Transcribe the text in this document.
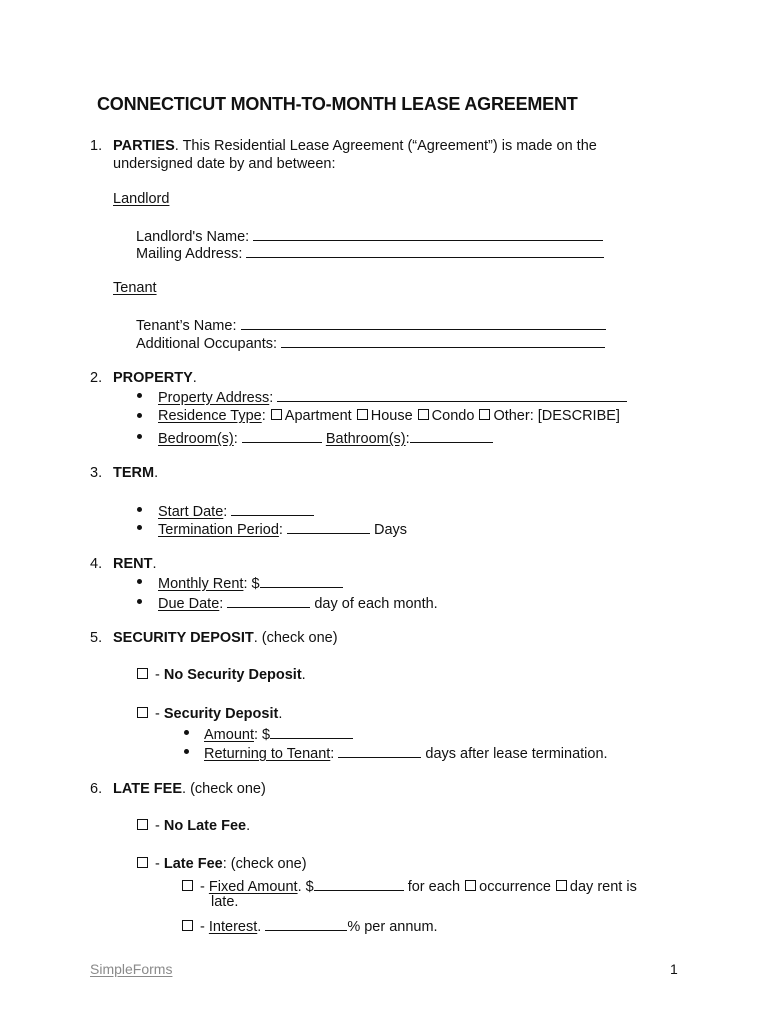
CONNECTICUT MONTH-TO-MONTH LEASE AGREEMENT
1. PARTIES. This Residential Lease Agreement (“Agreement”) is made on the
undersigned date by and between:
Landlord
Landlord's Name:
Mailing Address:
Tenant
Tenant’s Name:
Additional Occupants:
2. PROPERTY.
Property Address:
Residence Type: Apartment House Condo Other: [DESCRIBE]
Bedroom(s):	Bathroom(s):
3. TERM.
Start Date:
Termination Period:	Days
4. RENT.
Monthly Rent: $
Due Date:	day of each month.
5. SECURITY DEPOSIT. (check one)
- No Security Deposit.
- Security Deposit.
Amount: $
Returning to Tenant:	days after lease termination.
6. LATE FEE. (check one)
- No Late Fee.
- Late Fee: (check one)
- Fixed Amount. $	for each occurrence day rent is
late.
- Interest.	% per annum.
SimpleForms	1
